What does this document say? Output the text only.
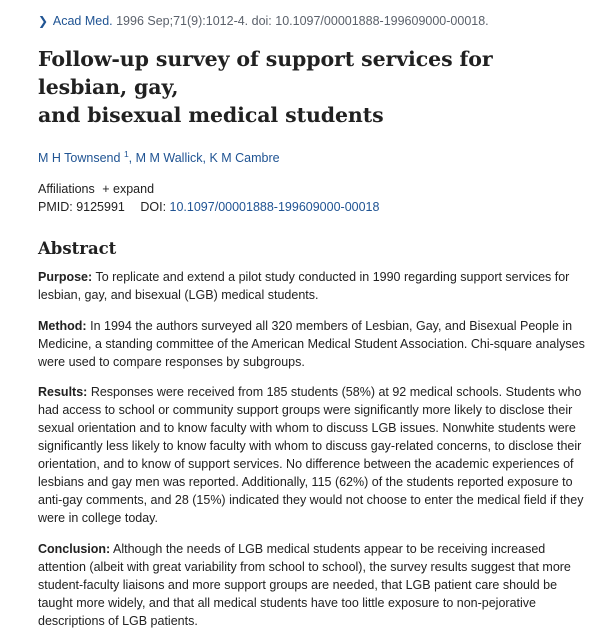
❯ Acad Med. 1996 Sep;71(9):1012-4. doi: 10.1097/00001888-199609000-00018.
Follow-up survey of support services for lesbian, gay,
and bisexual medical students
M H Townsend $^1$, M M Wallick, K M Cambre
Affiliations + expand
PMID: 9125991 DOI: 10.1097/00001888-199609000-00018
Abstract

Purpose: To replicate and extend a pilot study conducted in 1990 regarding support services for lesbian, gay, and bisexual (LGB) medical students.

Method: In 1994 the authors surveyed all 320 members of Lesbian, Gay, and Bisexual People in Medicine, a standing committee of the American Medical Student Association. Chi-square analyses were used to compare responses by subgroups.

Results: Responses were received from 185 students (58%) at 92 medical schools. Students who had access to school or community support groups were significantly more likely to disclose their sexual orientation and to know faculty with whom to discuss LGB issues. Nonwhite students were significantly less likely to know faculty with whom to discuss gay-related concerns, to disclose their orientation, and to know of support services. No difference between the academic experiences of lesbians and gay men was reported. Additionally, 115 (62%) of the students reported exposure to anti-gay comments, and 28 (15%) indicated they would not choose to enter the medical field if they were in college today.

Conclusion: Although the needs of LGB medical students appear to be receiving increased attention (albeit with great variability from school to school), the survey results suggest that more student-faculty liaisons and more support groups are needed, that LGB patient care should be taught more widely, and that all medical students have too little exposure to non-pejorative descriptions of LGB patients.
